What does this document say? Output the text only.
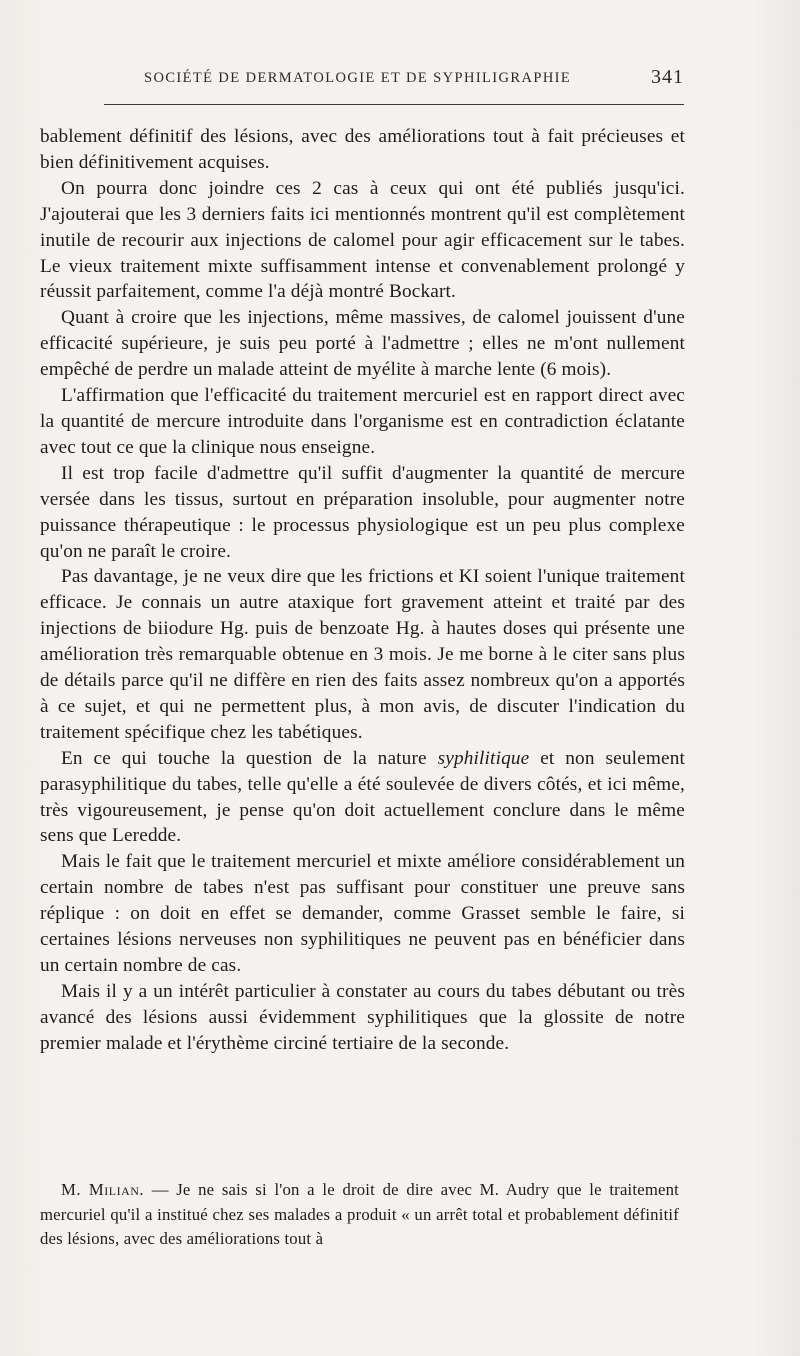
SOCIÉTÉ DE DERMATOLOGIE ET DE SYPHILIGRAPHIE	341

bablement définitif des lésions, avec des améliorations tout à fait précieuses et bien définitivement acquises.

On pourra donc joindre ces 2 cas à ceux qui ont été publiés jusqu'ici. J'ajouterai que les 3 derniers faits ici mentionnés montrent qu'il est complètement inutile de recourir aux injections de calomel pour agir efficacement sur le tabes. Le vieux traitement mixte suffisamment intense et convenablement prolongé y réussit parfaitement, comme l'a déjà montré Bockart.

Quant à croire que les injections, même massives, de calomel jouissent d'une efficacité supérieure, je suis peu porté à l'admettre ; elles ne m'ont nullement empêché de perdre un malade atteint de myélite à marche lente (6 mois).

L'affirmation que l'efficacité du traitement mercuriel est en rapport direct avec la quantité de mercure introduite dans l'organisme est en contradiction éclatante avec tout ce que la clinique nous enseigne.

Il est trop facile d'admettre qu'il suffit d'augmenter la quantité de mercure versée dans les tissus, surtout en préparation insoluble, pour augmenter notre puissance thérapeutique : le processus physiologique est un peu plus complexe qu'on ne paraît le croire.

Pas davantage, je ne veux dire que les frictions et KI soient l'unique traitement efficace. Je connais un autre ataxique fort gravement atteint et traité par des injections de biiodure Hg. puis de benzoate Hg. à hautes doses qui présente une amélioration très remarquable obtenue en 3 mois. Je me borne à le citer sans plus de détails parce qu'il ne diffère en rien des faits assez nombreux qu'on a apportés à ce sujet, et qui ne permettent plus, à mon avis, de discuter l'indication du traitement spécifique chez les tabétiques.

En ce qui touche la question de la nature syphilitique et non seulement parasyphilitique du tabes, telle qu'elle a été soulevée de divers côtés, et ici même, très vigoureusement, je pense qu'on doit actuellement conclure dans le même sens que Leredde.

Mais le fait que le traitement mercuriel et mixte améliore considérablement un certain nombre de tabes n'est pas suffisant pour constituer une preuve sans réplique : on doit en effet se demander, comme Grasset semble le faire, si certaines lésions nerveuses non syphilitiques ne peuvent pas en bénéficier dans un certain nombre de cas.

Mais il y a un intérêt particulier à constater au cours du tabes débutant ou très avancé des lésions aussi évidemment syphilitiques que la glossite de notre premier malade et l'érythème circiné tertiaire de la seconde.

M. Milian. — Je ne sais si l'on a le droit de dire avec M. Audry que le traitement mercuriel qu'il a institué chez ses malades a produit « un arrêt total et probablement définitif des lésions, avec des améliorations tout à
